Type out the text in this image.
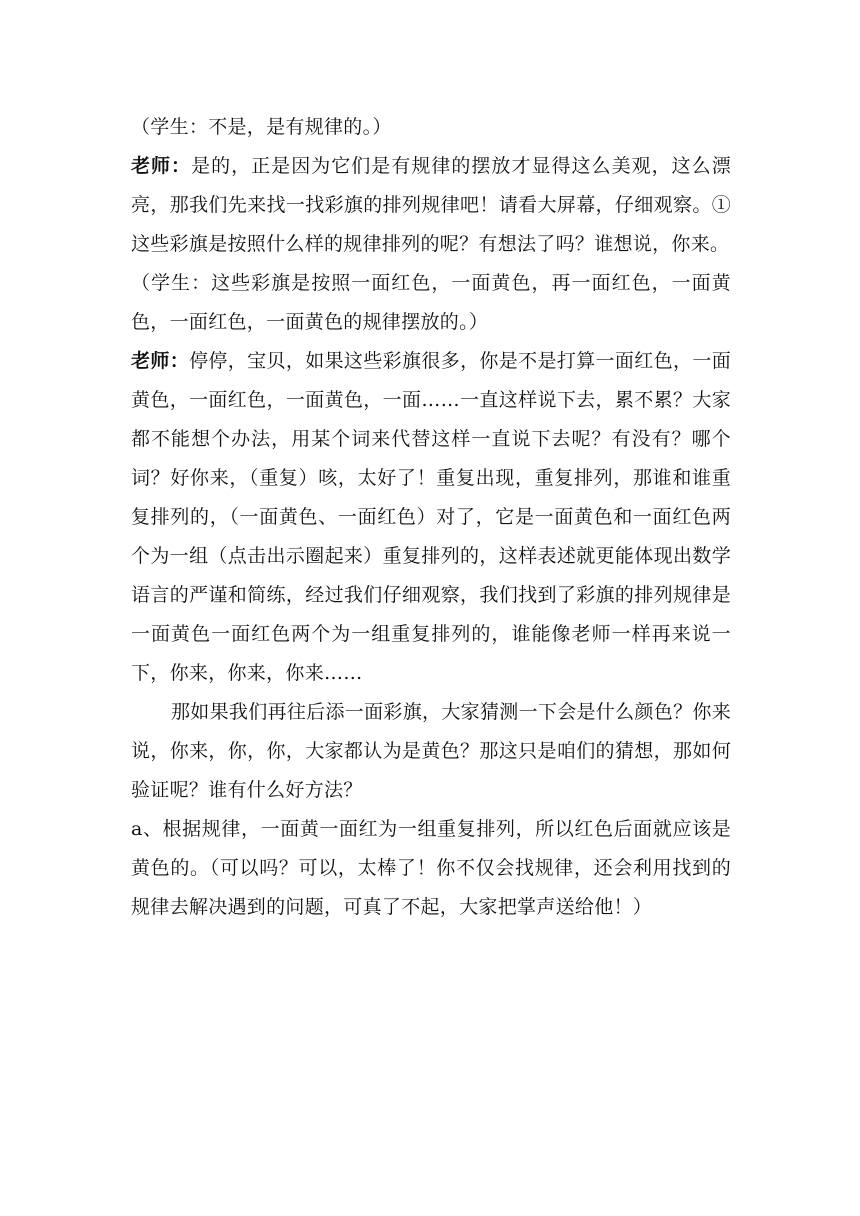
（学生：不是，是有规律的。）

老师：是的，正是因为它们是有规律的摆放才显得这么美观，这么漂亮，那我们先来找一找彩旗的排列规律吧！请看大屏幕，仔细观察。①这些彩旗是按照什么样的规律排列的呢？有想法了吗？谁想说，你来。

（学生：这些彩旗是按照一面红色，一面黄色，再一面红色，一面黄色，一面红色，一面黄色的规律摆放的。）

老师：停停，宝贝，如果这些彩旗很多，你是不是打算一面红色，一面黄色，一面红色，一面黄色，一面……一直这样说下去，累不累？大家都不能想个办法，用某个词来代替这样一直说下去呢？有没有？哪个词？好你来，（重复）咳，太好了！重复出现，重复排列，那谁和谁重复排列的，（一面黄色、一面红色）对了，它是一面黄色和一面红色两个为一组（点击出示圈起来）重复排列的，这样表述就更能体现出数学语言的严谨和简练，经过我们仔细观察，我们找到了彩旗的排列规律是一面黄色一面红色两个为一组重复排列的，谁能像老师一样再来说一下，你来，你来，你来……

那如果我们再往后添一面彩旗，大家猜测一下会是什么颜色？你来说，你来，你，你，大家都认为是黄色？那这只是咱们的猜想，那如何验证呢？谁有什么好方法？

a、根据规律，一面黄一面红为一组重复排列，所以红色后面就应该是黄色的。（可以吗？可以，太棒了！你不仅会找规律，还会利用找到的规律去解决遇到的问题，可真了不起，大家把掌声送给他！）
